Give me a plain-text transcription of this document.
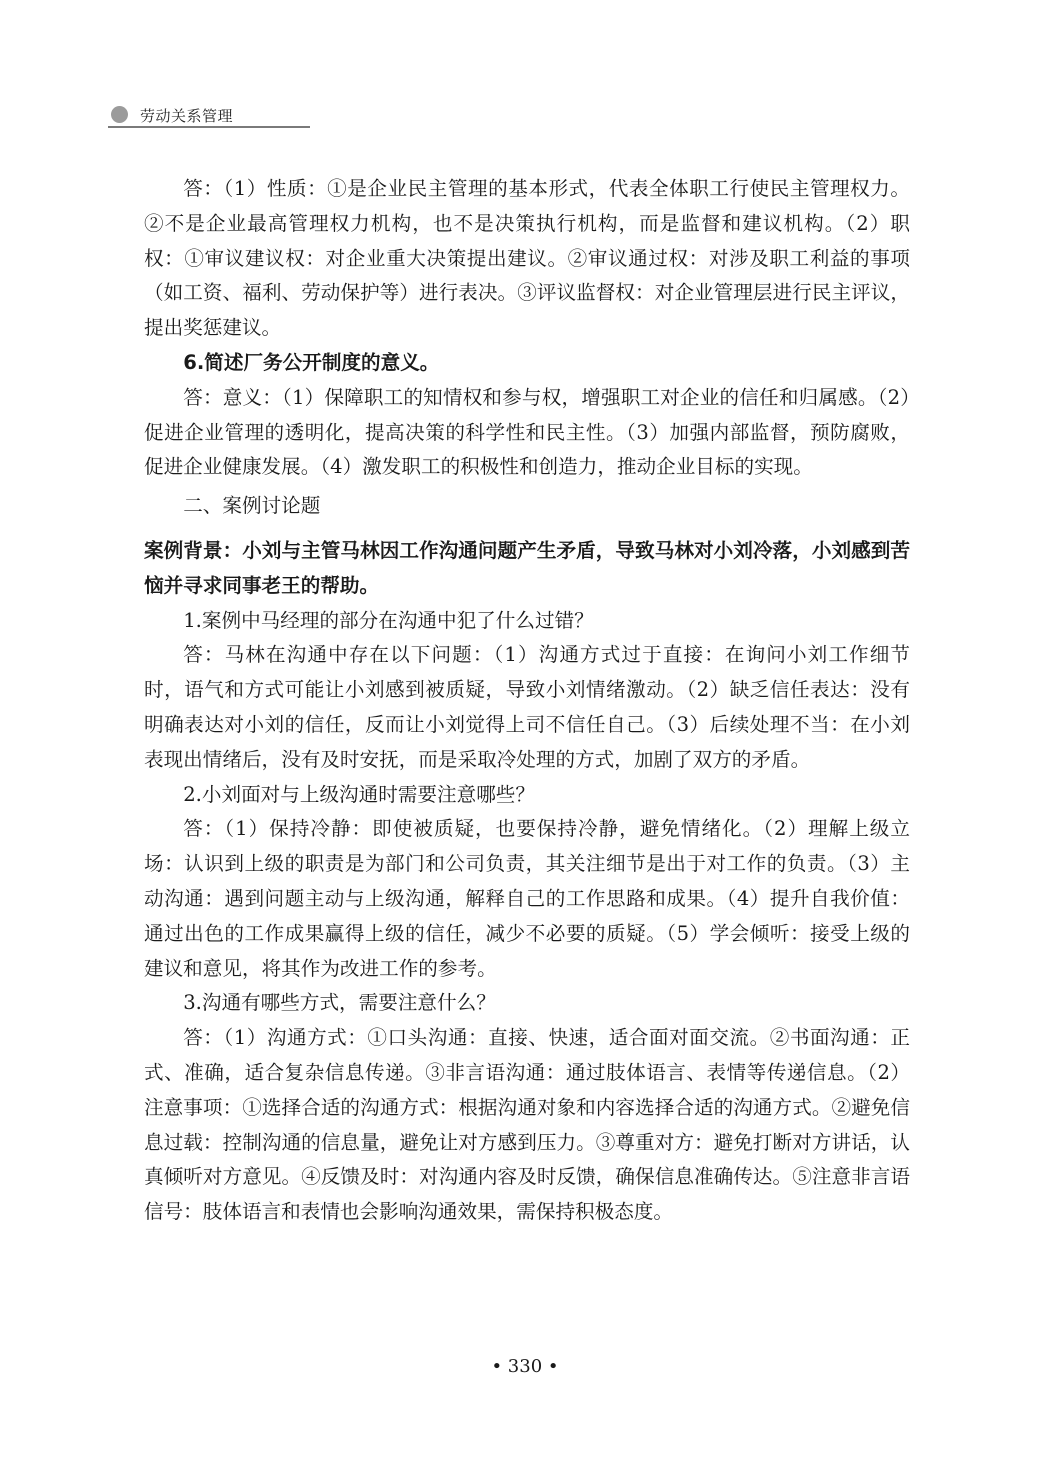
劳动关系管理

答：（1）性质：①是企业民主管理的基本形式，代表全体职工行使民主管理权力。②不是企业最高管理权力机构，也不是决策执行机构，而是监督和建议机构。（2）职权：①审议建议权：对企业重大决策提出建议。②审议通过权：对涉及职工利益的事项（如工资、福利、劳动保护等）进行表决。③评议监督权：对企业管理层进行民主评议，提出奖惩建议。

6.简述厂务公开制度的意义。

答：意义：（1）保障职工的知情权和参与权，增强职工对企业的信任和归属感。（2）促进企业管理的透明化，提高决策的科学性和民主性。（3）加强内部监督，预防腐败，促进企业健康发展。（4）激发职工的积极性和创造力，推动企业目标的实现。

二、案例讨论题

案例背景：小刘与主管马林因工作沟通问题产生矛盾，导致马林对小刘冷落，小刘感到苦恼并寻求同事老王的帮助。

1.案例中马经理的部分在沟通中犯了什么过错？

答：马林在沟通中存在以下问题：（1）沟通方式过于直接：在询问小刘工作细节时，语气和方式可能让小刘感到被质疑，导致小刘情绪激动。（2）缺乏信任表达：没有明确表达对小刘的信任，反而让小刘觉得上司不信任自己。（3）后续处理不当：在小刘表现出情绪后，没有及时安抚，而是采取冷处理的方式，加剧了双方的矛盾。

2.小刘面对与上级沟通时需要注意哪些？

答：（1）保持冷静：即使被质疑，也要保持冷静，避免情绪化。（2）理解上级立场：认识到上级的职责是为部门和公司负责，其关注细节是出于对工作的负责。（3）主动沟通：遇到问题主动与上级沟通，解释自己的工作思路和成果。（4）提升自我价值：通过出色的工作成果赢得上级的信任，减少不必要的质疑。（5）学会倾听：接受上级的建议和意见，将其作为改进工作的参考。

3.沟通有哪些方式，需要注意什么？

答：（1）沟通方式：①口头沟通：直接、快速，适合面对面交流。②书面沟通：正式、准确，适合复杂信息传递。③非言语沟通：通过肢体语言、表情等传递信息。（2）注意事项：①选择合适的沟通方式：根据沟通对象和内容选择合适的沟通方式。②避免信息过载：控制沟通的信息量，避免让对方感到压力。③尊重对方：避免打断对方讲话，认真倾听对方意见。④反馈及时：对沟通内容及时反馈，确保信息准确传达。⑤注意非言语信号：肢体语言和表情也会影响沟通效果，需保持积极态度。

• 330 •
